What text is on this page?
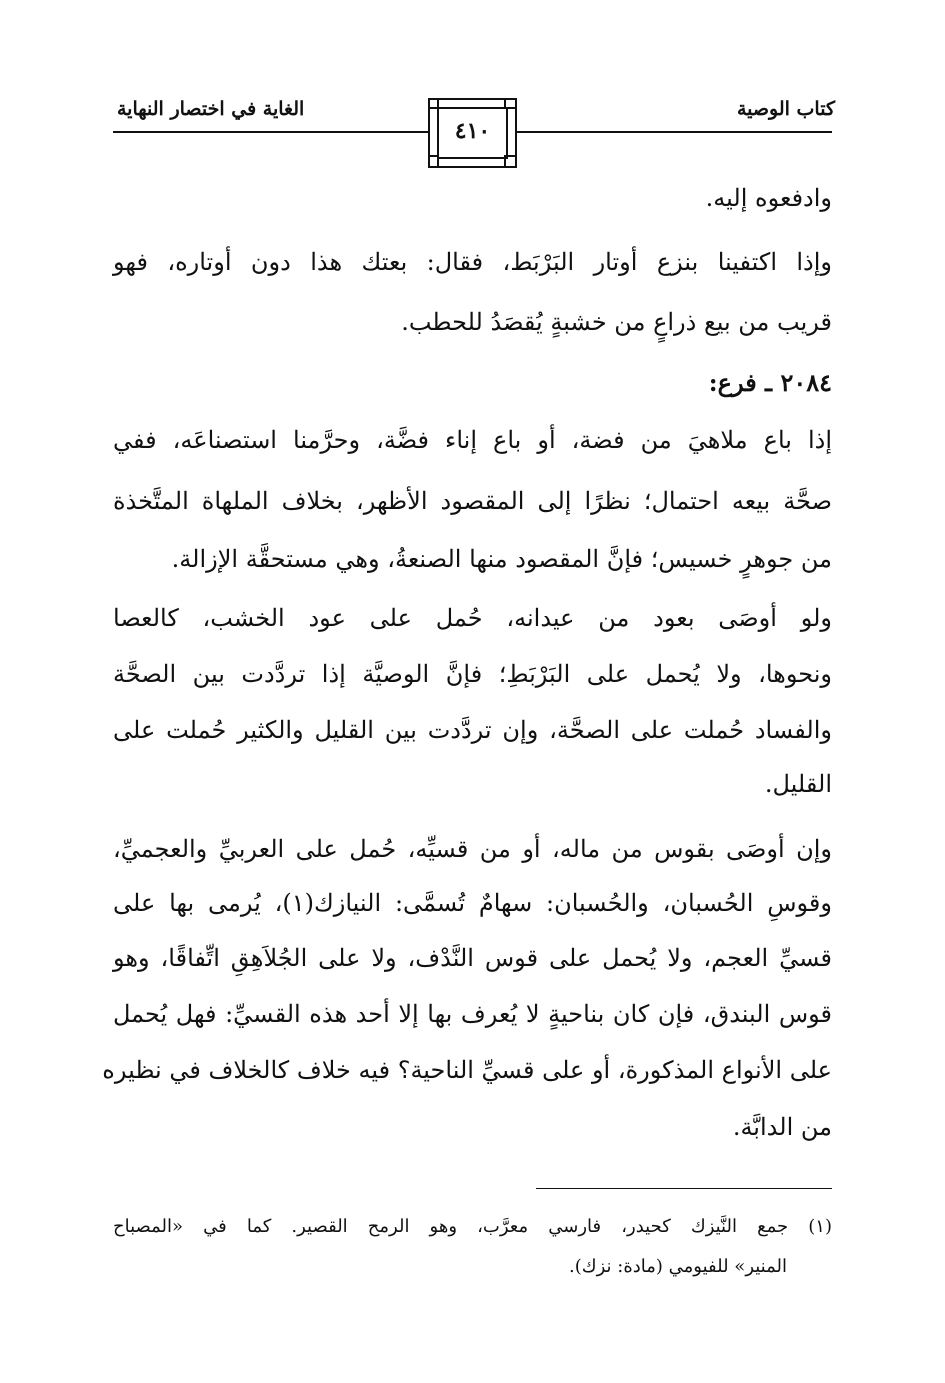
كتاب الوصية
الغاية في اختصار النهاية
٤١٠
وادفعوه إليه.
وإذا اكتفينا بنزع أوتار البَرْبَط، فقال: بعتك هذا دون أوتاره، فهو
قريب من بيع ذراعٍ من خشبةٍ يُقصَدُ للحطب.
٢٠٨٤ ـ فرع:
إذا باع ملاهيَ من فضة، أو باع إناء فضَّة، وحرَّمنا استصناعَه، ففي
صحَّة بيعه احتمال؛ نظرًا إلى المقصود الأظهر، بخلاف الملهاة المتَّخذة
من جوهرٍ خسيس؛ فإنَّ المقصود منها الصنعةُ، وهي مستحقَّة الإزالة.
ولو أوصَى بعود من عيدانه، حُمل على عود الخشب، كالعصا
ونحوها، ولا يُحمل على البَرْبَطِ؛ فإنَّ الوصيَّة إذا تردَّدت بين الصحَّة
والفساد حُملت على الصحَّة، وإن تردَّدت بين القليل والكثير حُملت على
القليل.
وإن أوصَى بقوس من ماله، أو من قسيِّه، حُمل على العربيِّ والعجميِّ،
وقوسِ الحُسبان، والحُسبان: سهامٌ تُسمَّى: النيازك(١)، يُرمى بها على
قسيِّ العجم، ولا يُحمل على قوس النَّدْف، ولا على الجُلاَهِقِ اتِّفاقًا، وهو
قوس البندق، فإن كان بناحيةٍ لا يُعرف بها إلا أحد هذه القسيِّ: فهل يُحمل
على الأنواع المذكورة، أو على قسيِّ الناحية؟ فيه خلاف كالخلاف في نظيره
من الدابَّة.
(١) جمع النَّيزك كحيدر، فارسي معرَّب، وهو الرمح القصير. كما في «المصباح
المنير» للفيومي (مادة: نزك).
